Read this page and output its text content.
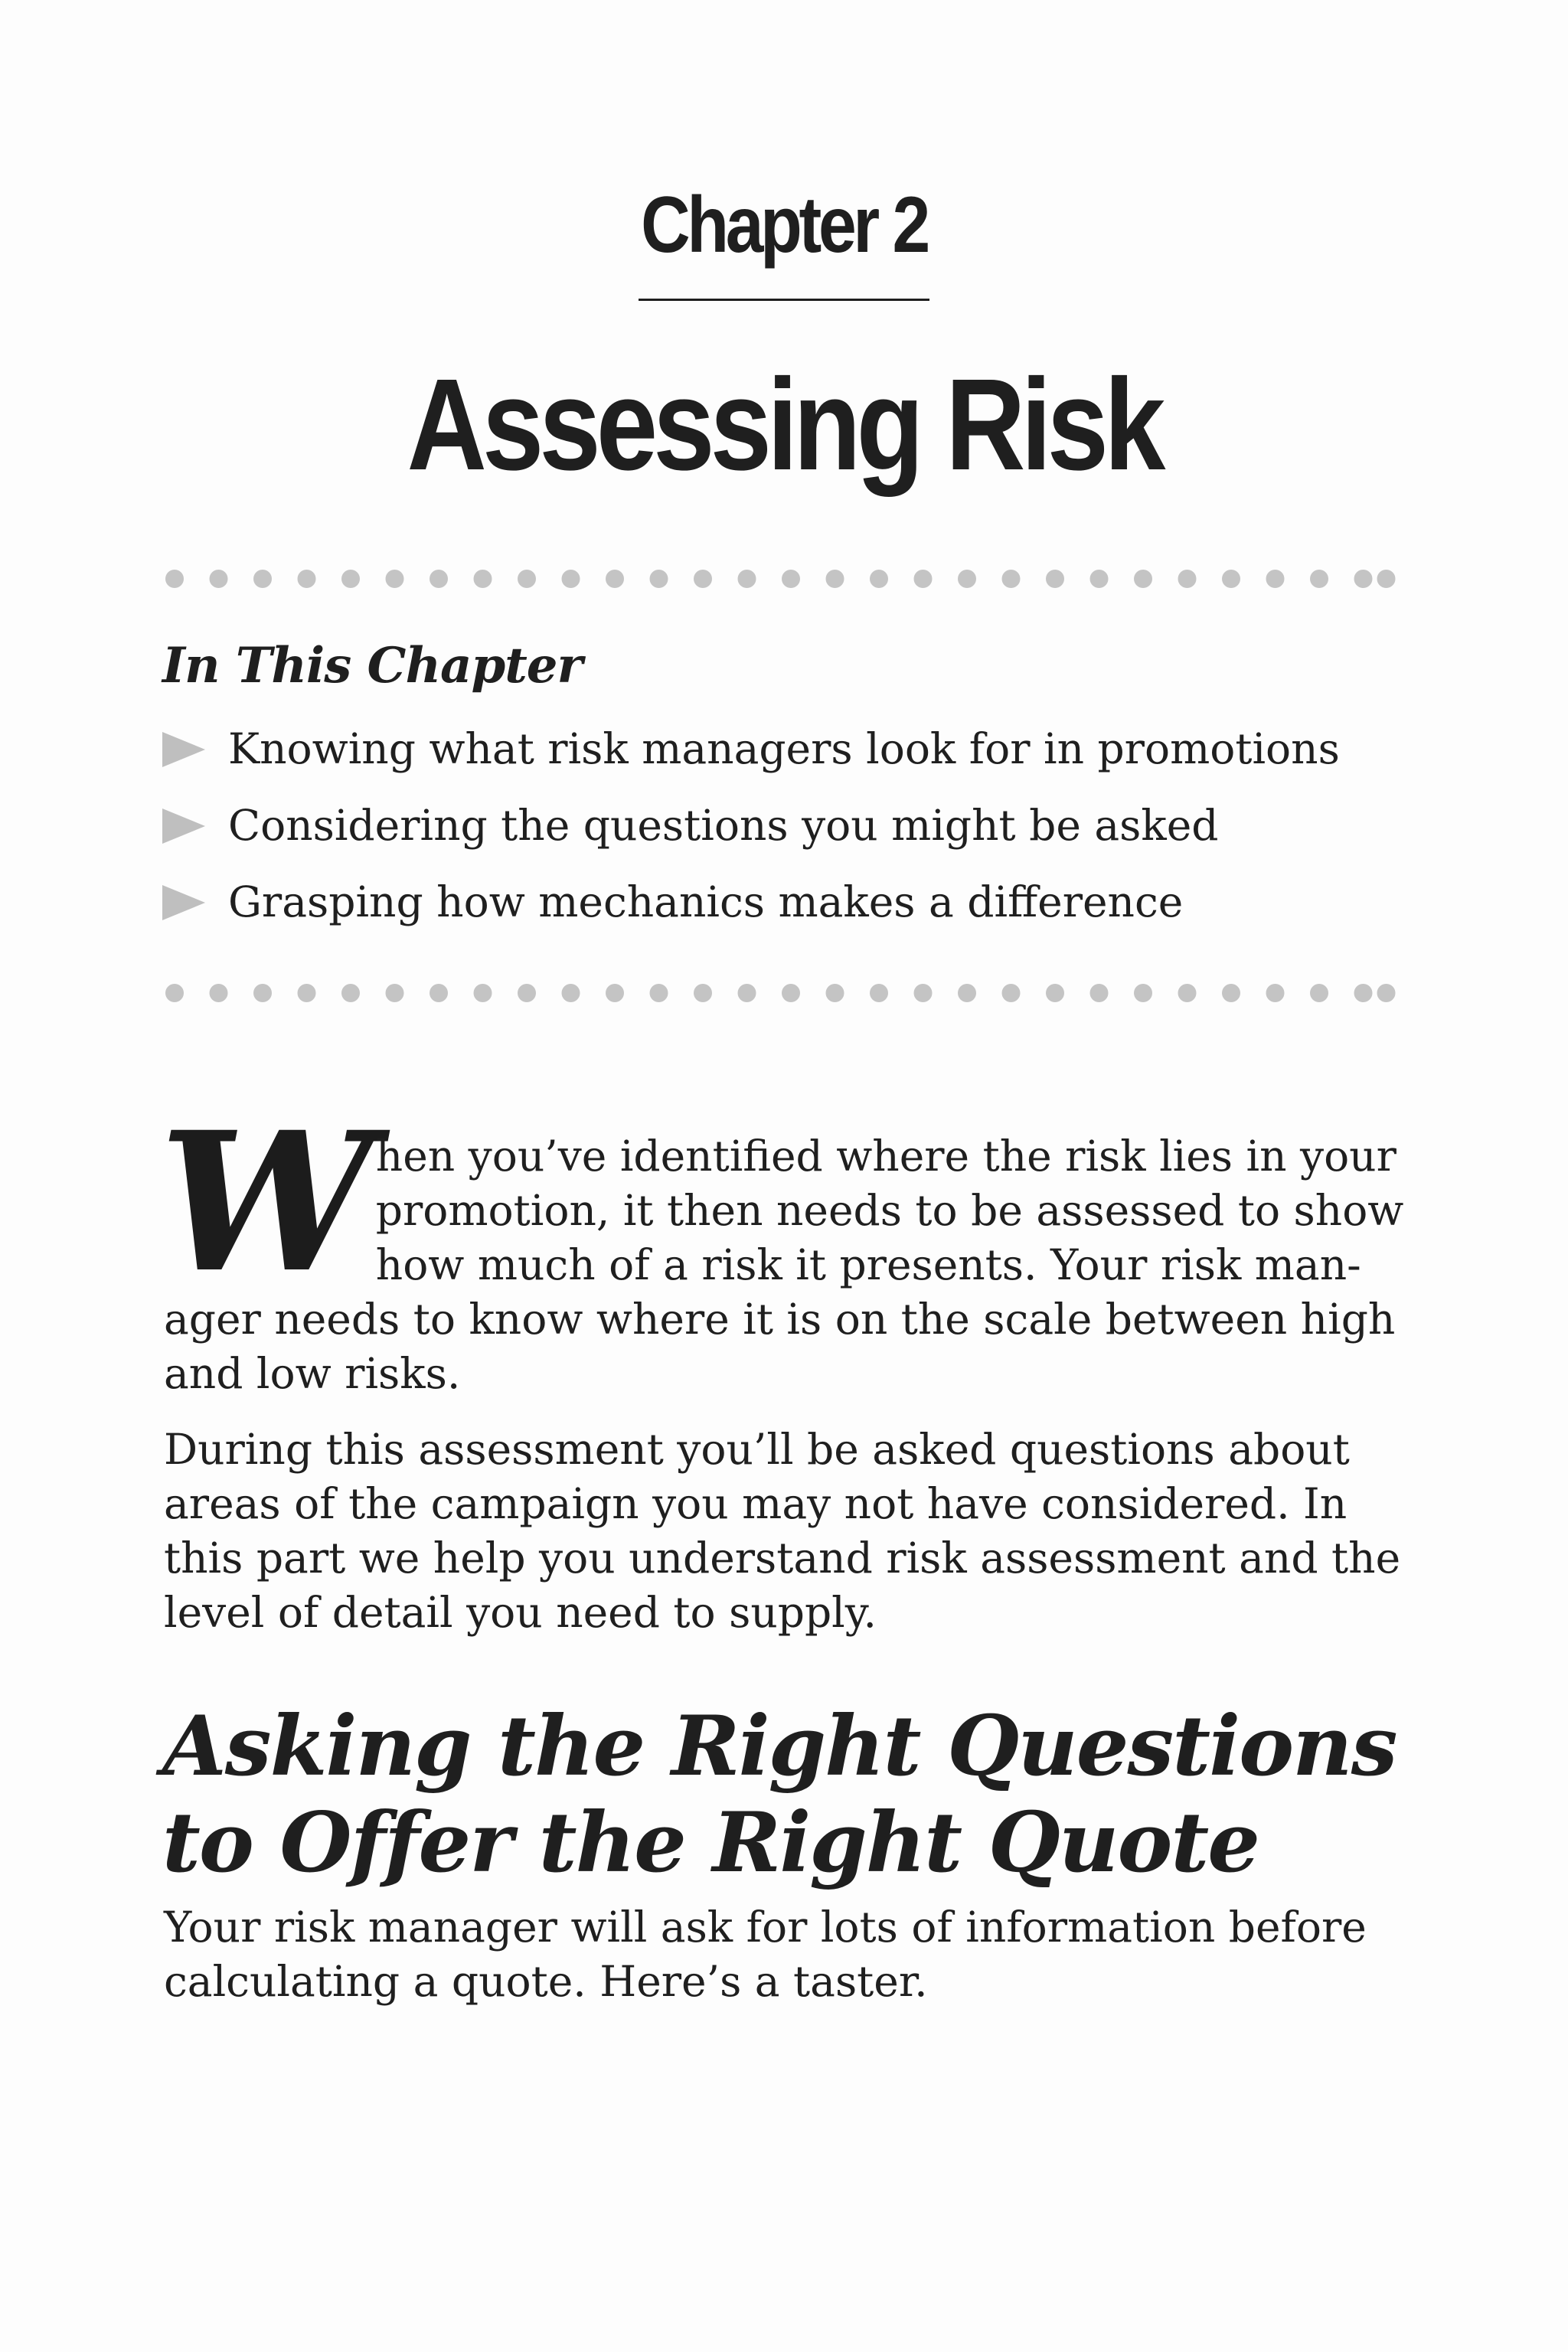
Chapter 2
Assessing Risk
In This Chapter
Knowing what risk managers look for in promotions
Considering the questions you might be asked
Grasping how mechanics makes a difference

W hen you’ve identified where the risk lies in your promotion, it then needs to be assessed to show how much of a risk it presents. Your risk man-ager needs to know where it is on the scale between high and low risks.

During this assessment you’ll be asked questions about areas of the campaign you may not have considered. In this part we help you understand risk assessment and the level of detail you need to supply.

Asking the Right Questions
to Offer the Right Quote

Your risk manager will ask for lots of information before calculating a quote. Here’s a taster.
